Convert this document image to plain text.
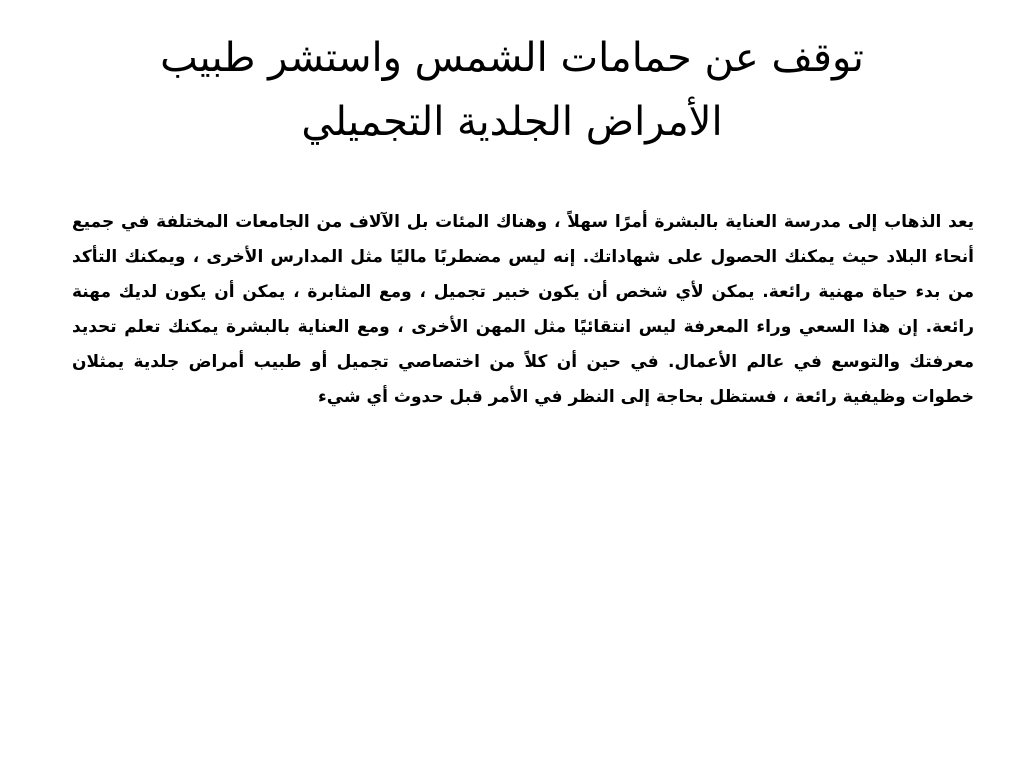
توقف عن حمامات الشمس واستشر طبيب الأمراض الجلدية التجميلي

يعد الذهاب إلى مدرسة العناية بالبشرة أمرًا سهلاً ، وهناك المئات بل الآلاف من الجامعات المختلفة في جميع أنحاء البلاد حيث يمكنك الحصول على شهاداتك. إنه ليس مضطربًا ماليًا مثل المدارس الأخرى ، ويمكنك التأكد من بدء حياة مهنية رائعة. يمكن لأي شخص أن يكون خبير تجميل ، ومع المثابرة ، يمكن أن يكون لديك مهنة رائعة. إن هذا السعي وراء المعرفة ليس انتقائيًا مثل المهن الأخرى ، ومع العناية بالبشرة يمكنك تعلم تحديد معرفتك والتوسع في عالم الأعمال. في حين أن كلاً من اختصاصي تجميل أو طبيب أمراض جلدية يمثلان خطوات وظيفية رائعة ، فستظل بحاجة إلى النظر في الأمر قبل حدوث أي شيء
